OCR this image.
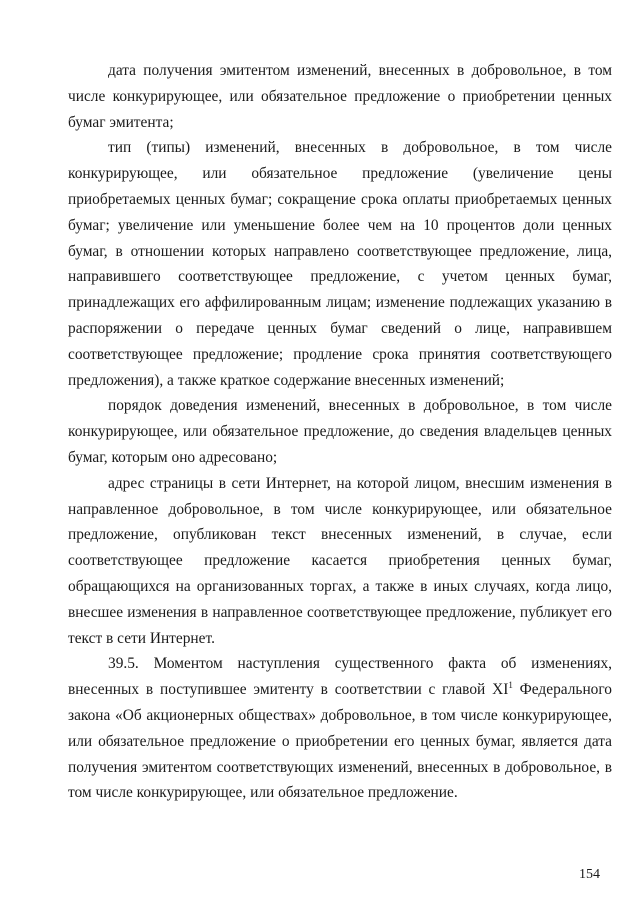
дата получения эмитентом изменений, внесенных в добровольное, в том числе конкурирующее, или обязательное предложение о приобретении ценных бумаг эмитента;

тип (типы) изменений, внесенных в добровольное, в том числе конкурирующее, или обязательное предложение (увеличение цены приобретаемых ценных бумаг; сокращение срока оплаты приобретаемых ценных бумаг; увеличение или уменьшение более чем на 10 процентов доли ценных бумаг, в отношении которых направлено соответствующее предложение, лица, направившего соответствующее предложение, с учетом ценных бумаг, принадлежащих его аффилированным лицам; изменение подлежащих указанию в распоряжении о передаче ценных бумаг сведений о лице, направившем соответствующее предложение; продление срока принятия соответствующего предложения), а также краткое содержание внесенных изменений;

порядок доведения изменений, внесенных в добровольное, в том числе конкурирующее, или обязательное предложение, до сведения владельцев ценных бумаг, которым оно адресовано;

адрес страницы в сети Интернет, на которой лицом, внесшим изменения в направленное добровольное, в том числе конкурирующее, или обязательное предложение, опубликован текст внесенных изменений, в случае, если соответствующее предложение касается приобретения ценных бумаг, обращающихся на организованных торгах, а также в иных случаях, когда лицо, внесшее изменения в направленное соответствующее предложение, публикует его текст в сети Интернет.

39.5. Моментом наступления существенного факта об изменениях, внесенных в поступившее эмитенту в соответствии с главой $XI^1$ Федерального закона «Об акционерных обществах» добровольное, в том числе конкурирующее, или обязательное предложение о приобретении его ценных бумаг, является дата получения эмитентом соответствующих изменений, внесенных в добровольное, в том числе конкурирующее, или обязательное предложение.

154
